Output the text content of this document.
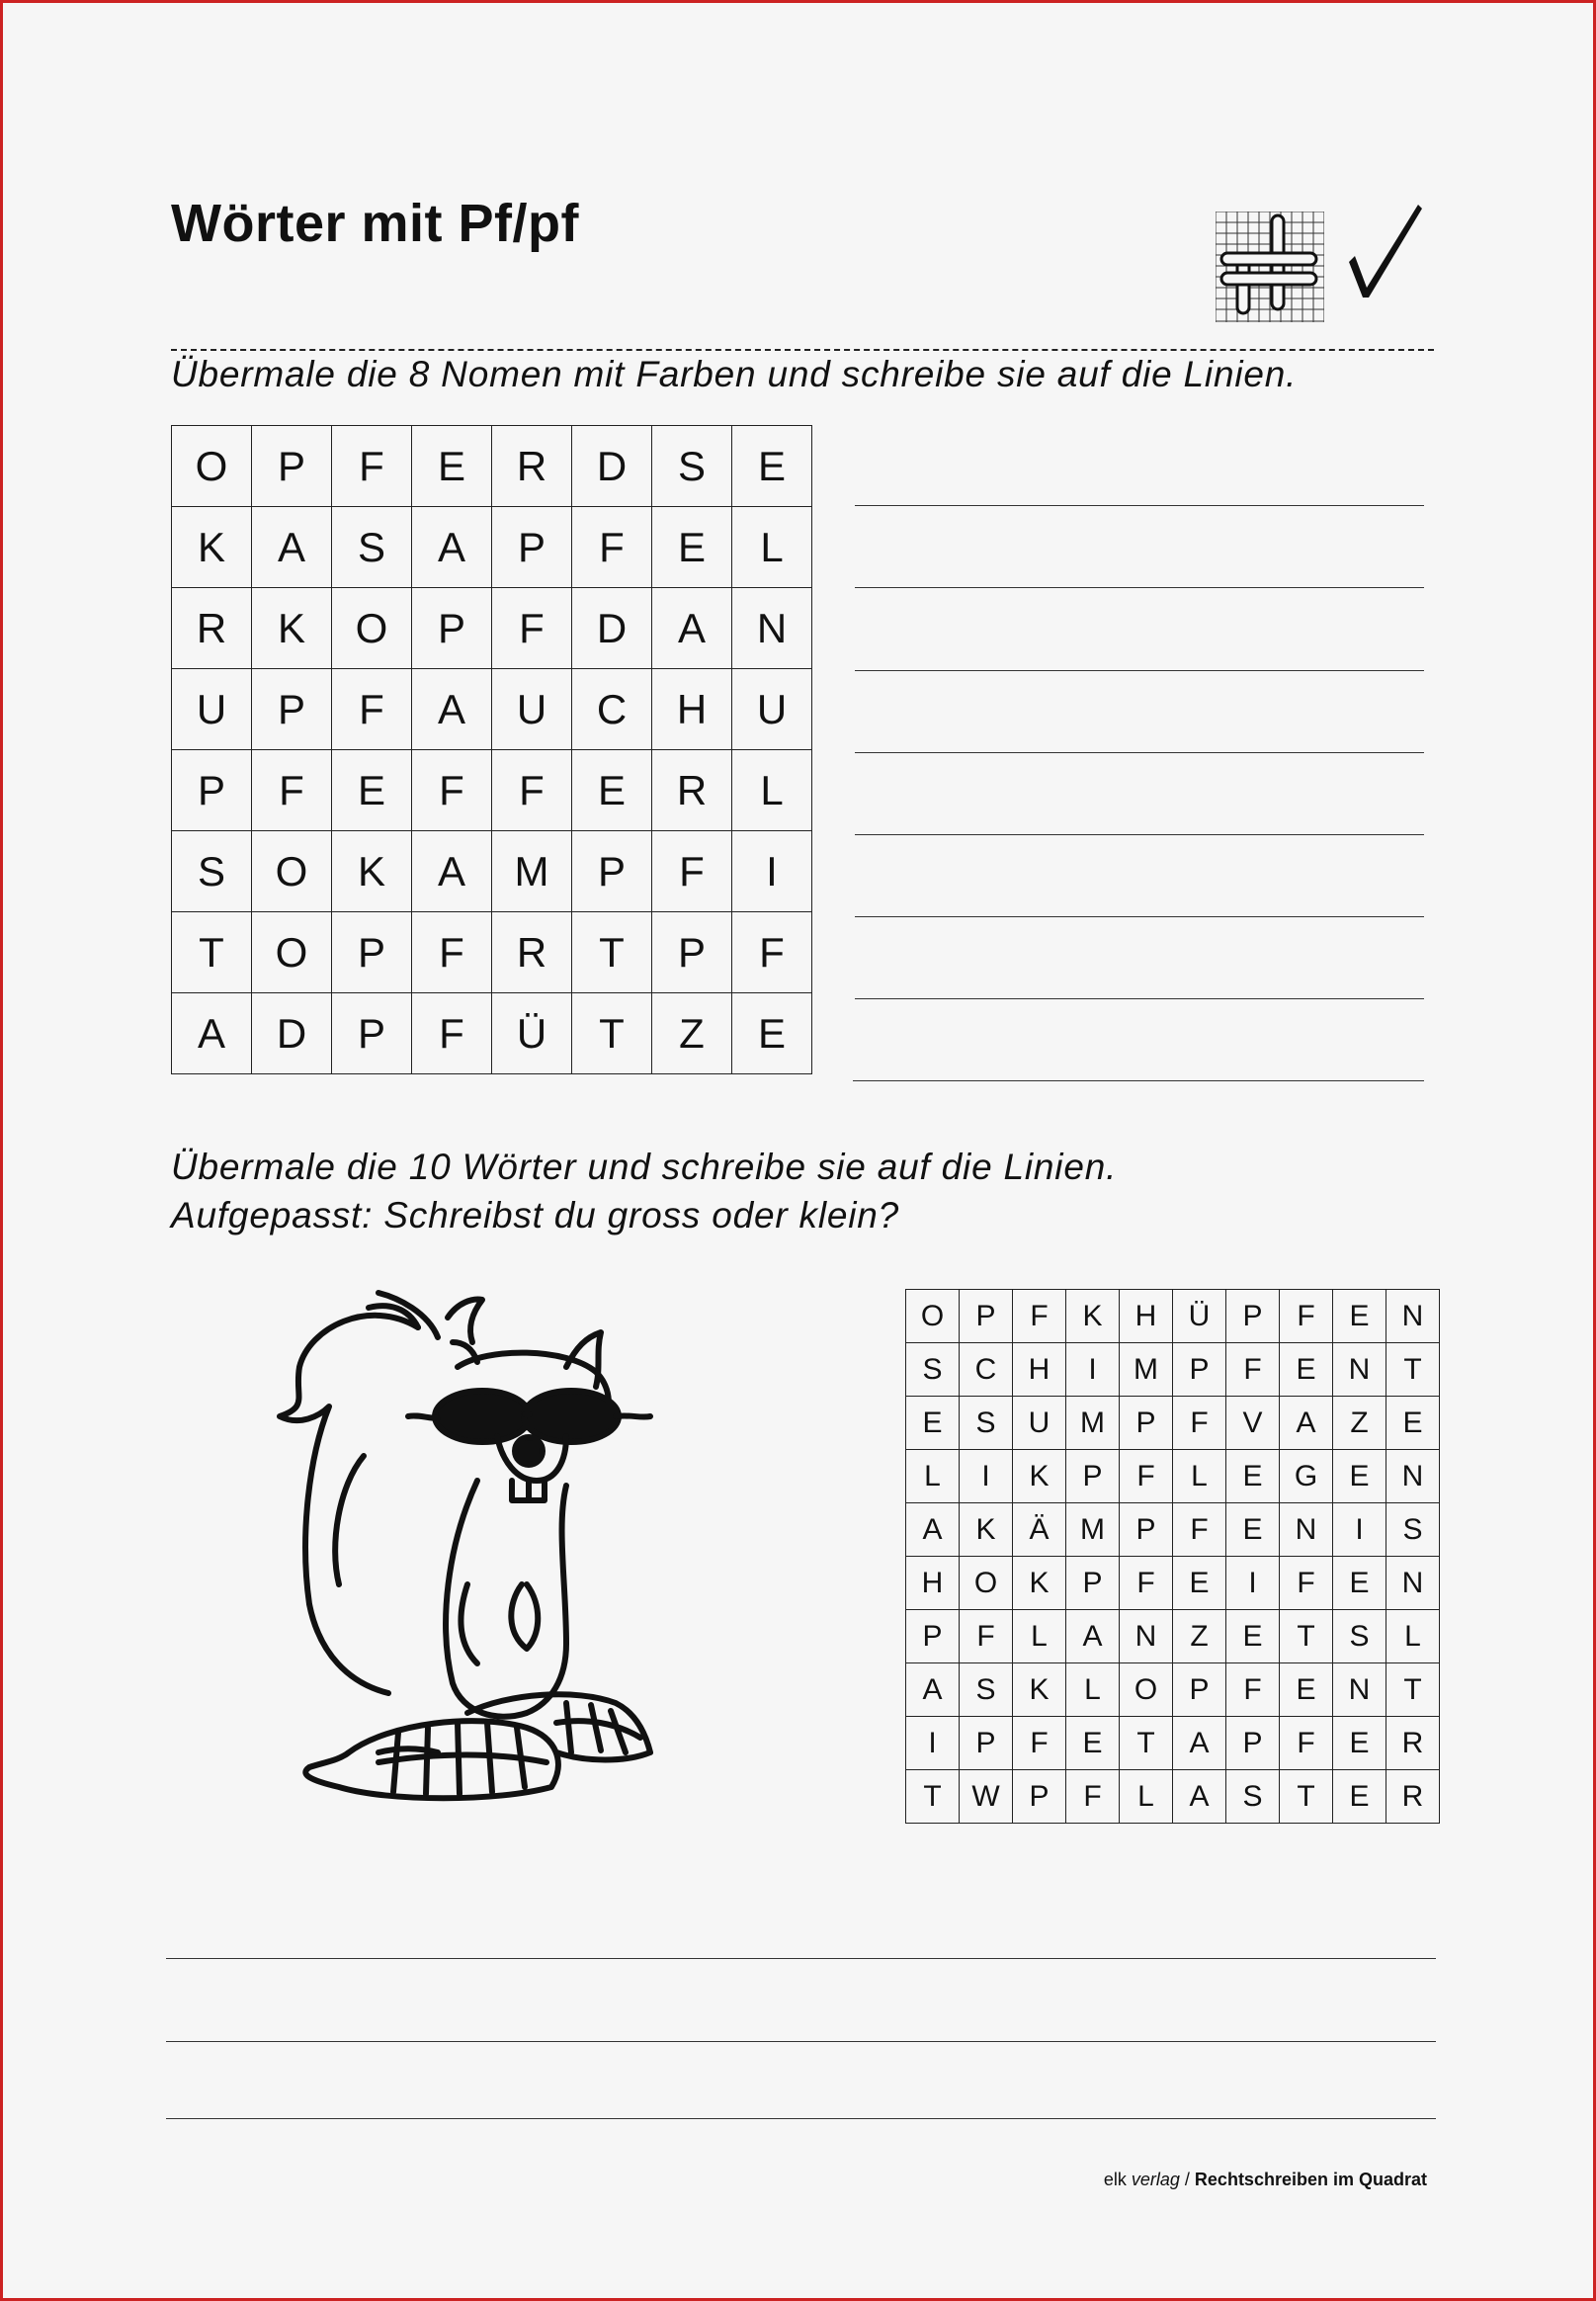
Wörter mit Pf/pf
Übermale die 8 Nomen mit Farben und schreibe sie auf die Linien.
O	P	F	E	R	D	S	E
K	A	S	A	P	F	E	L
R	K	O	P	F	D	A	N
U	P	F	A	U	C	H	U
P	F	E	F	F	E	R	L
S	O	K	A	M	P	F	I
T	O	P	F	R	T	P	F
A	D	P	F	Ü	T	Z	E
Übermale die 10 Wörter und schreibe sie auf die Linien.
Aufgepasst: Schreibst du gross oder klein?
O	P	F	K	H	Ü	P	F	E	N
S	C	H	I	M	P	F	E	N	T
E	S	U	M	P	F	V	A	Z	E
L	I	K	P	F	L	E	G	E	N
A	K	Ä	M	P	F	E	N	I	S
H	O	K	P	F	E	I	F	E	N
P	F	L	A	N	Z	E	T	S	L
A	S	K	L	O	P	F	E	N	T
I	P	F	E	T	A	P	F	E	R
T	W	P	F	L	A	S	T	E	R
elk verlag / Rechtschreiben im Quadrat
